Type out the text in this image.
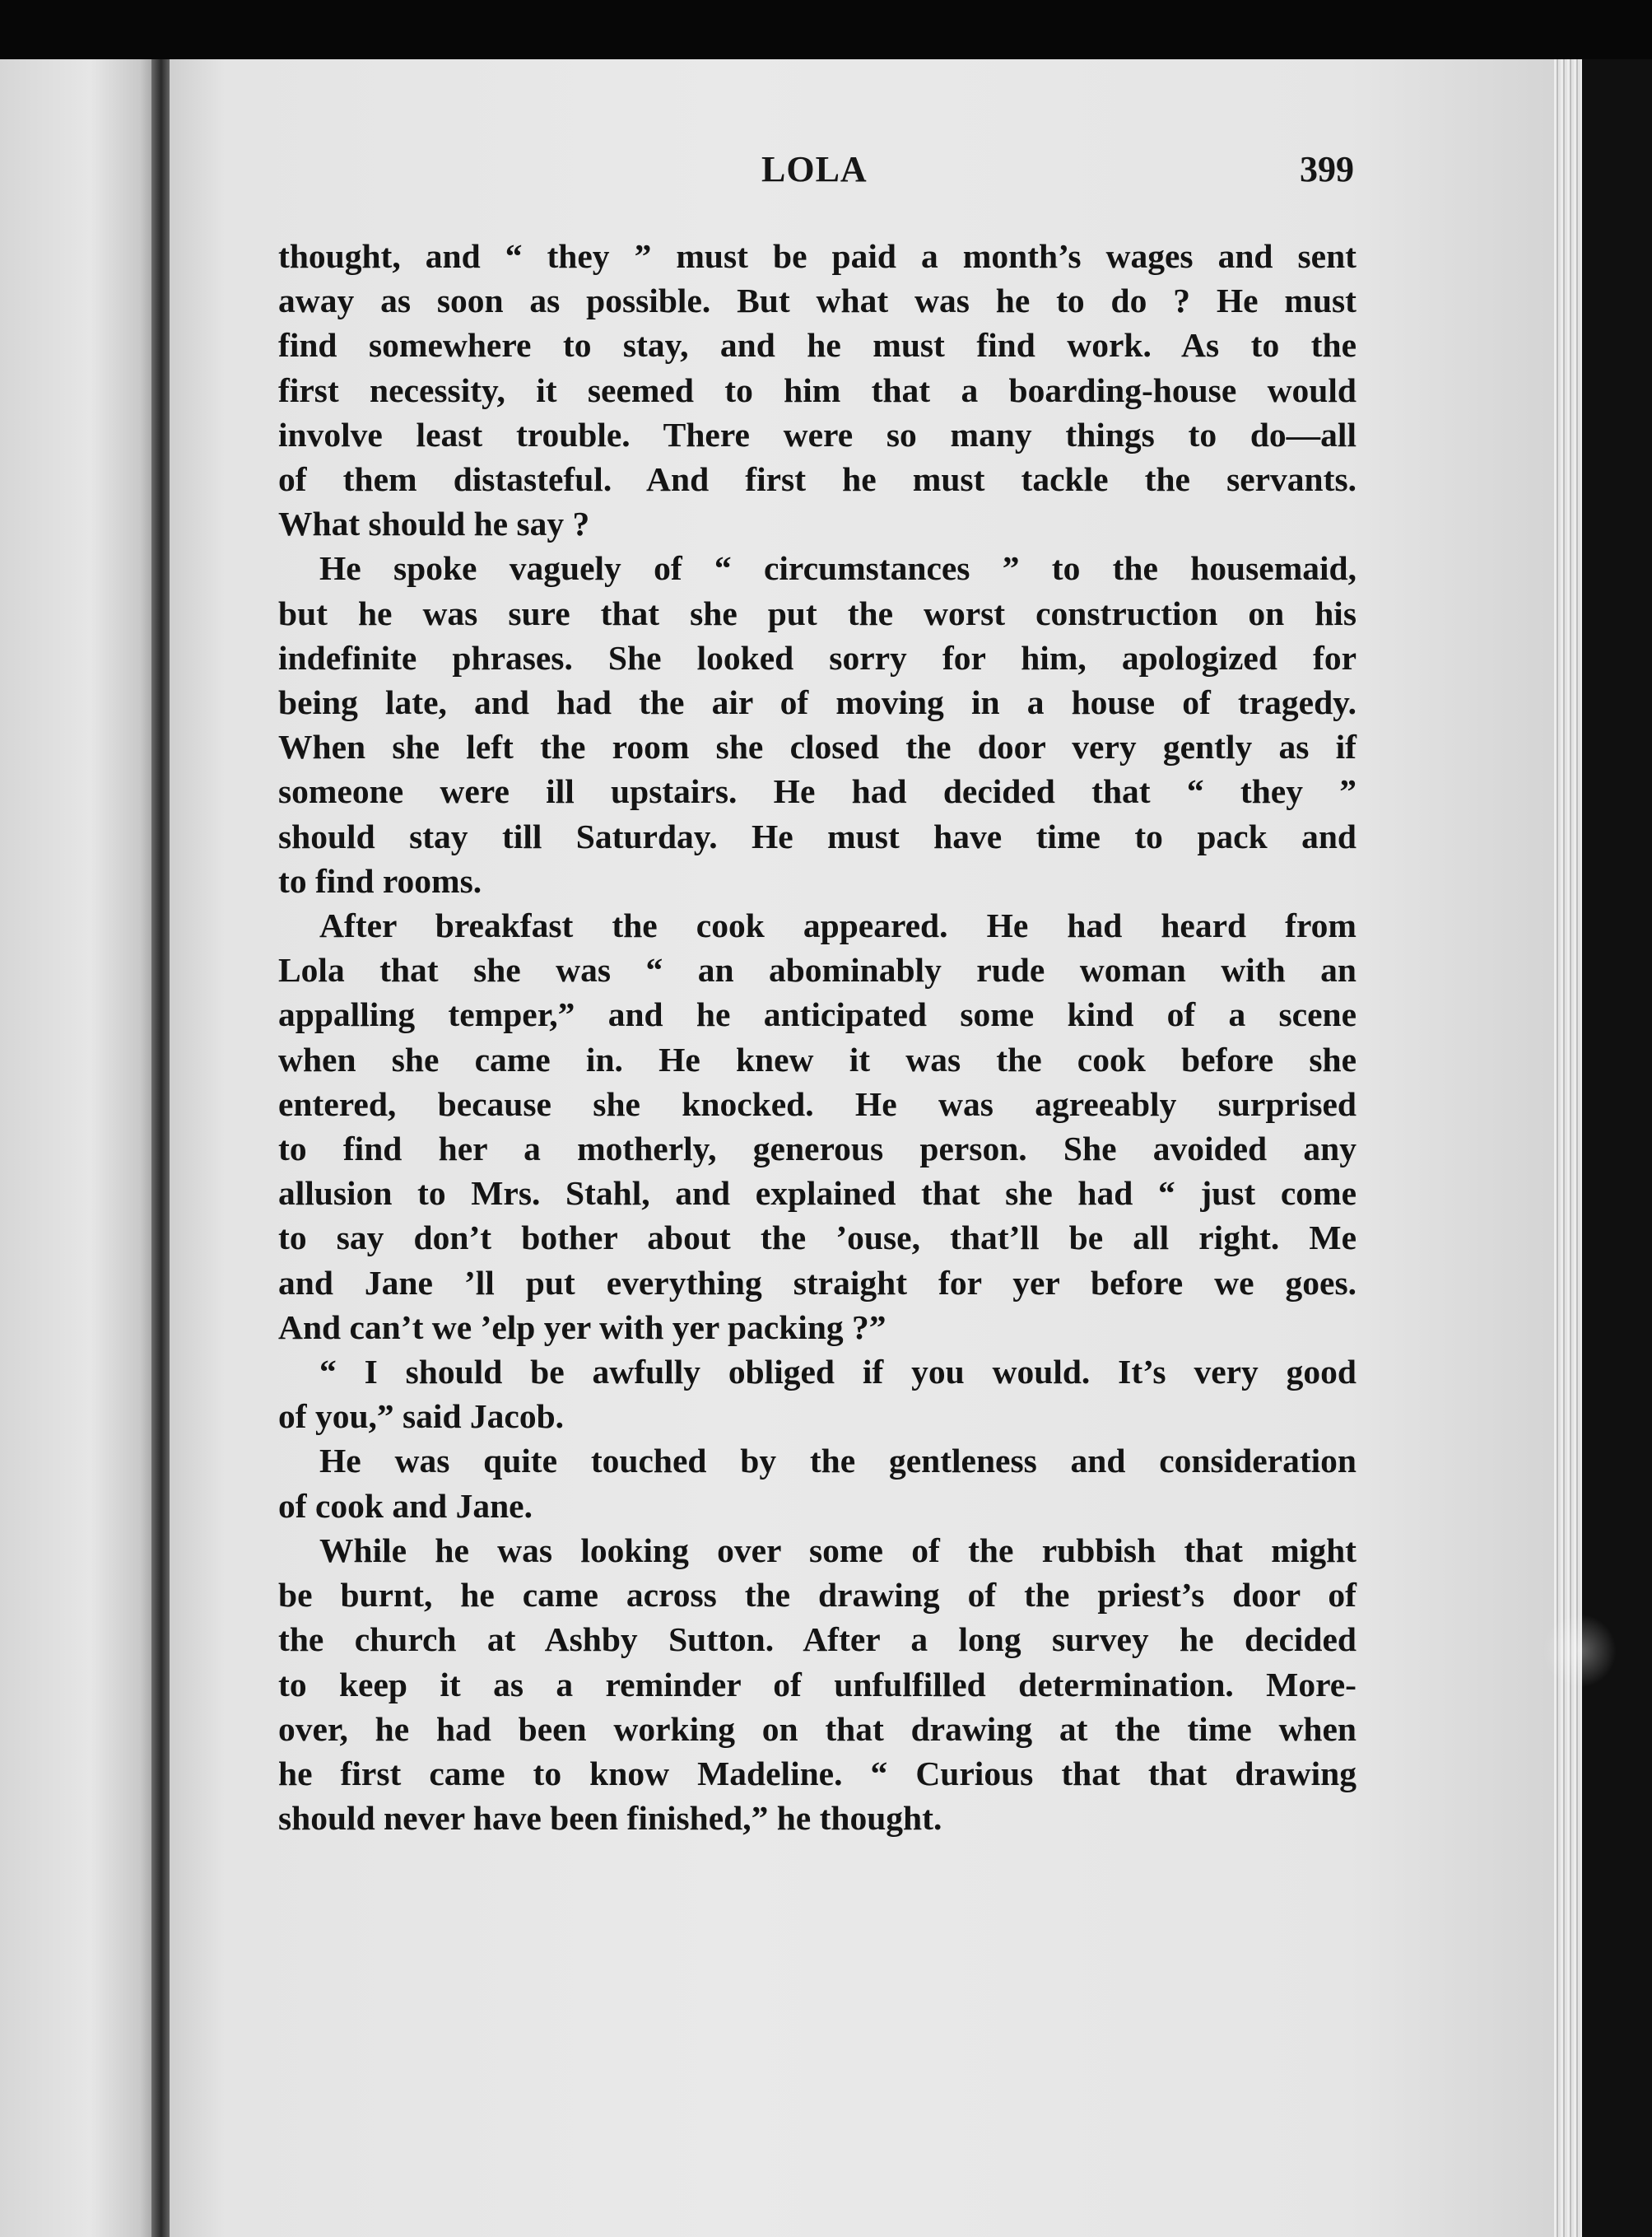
LOLA	399
thought, and “ they ” must be paid a month’s wages and sent
away as soon as possible. But what was he to do ? He must
find somewhere to stay, and he must find work. As to the
first necessity, it seemed to him that a boarding-house would
involve least trouble. There were so many things to do—all
of them distasteful. And first he must tackle the servants.
What should he say ?
He spoke vaguely of “ circumstances ” to the housemaid,
but he was sure that she put the worst construction on his
indefinite phrases. She looked sorry for him, apologized for
being late, and had the air of moving in a house of tragedy.
When she left the room she closed the door very gently as if
someone were ill upstairs. He had decided that “ they ”
should stay till Saturday. He must have time to pack and
to find rooms.
After breakfast the cook appeared. He had heard from
Lola that she was “ an abominably rude woman with an
appalling temper,” and he anticipated some kind of a scene
when she came in. He knew it was the cook before she
entered, because she knocked. He was agreeably surprised
to find her a motherly, generous person. She avoided any
allusion to Mrs. Stahl, and explained that she had “ just come
to say don’t bother about the ’ouse, that’ll be all right. Me
and Jane ’ll put everything straight for yer before we goes.
And can’t we ’elp yer with yer packing ?”
“ I should be awfully obliged if you would. It’s very good
of you,” said Jacob.
He was quite touched by the gentleness and consideration
of cook and Jane.
While he was looking over some of the rubbish that might
be burnt, he came across the drawing of the priest’s door of
the church at Ashby Sutton. After a long survey he decided
to keep it as a reminder of unfulfilled determination. More-
over, he had been working on that drawing at the time when
he first came to know Madeline. “ Curious that that drawing
should never have been finished,” he thought.
